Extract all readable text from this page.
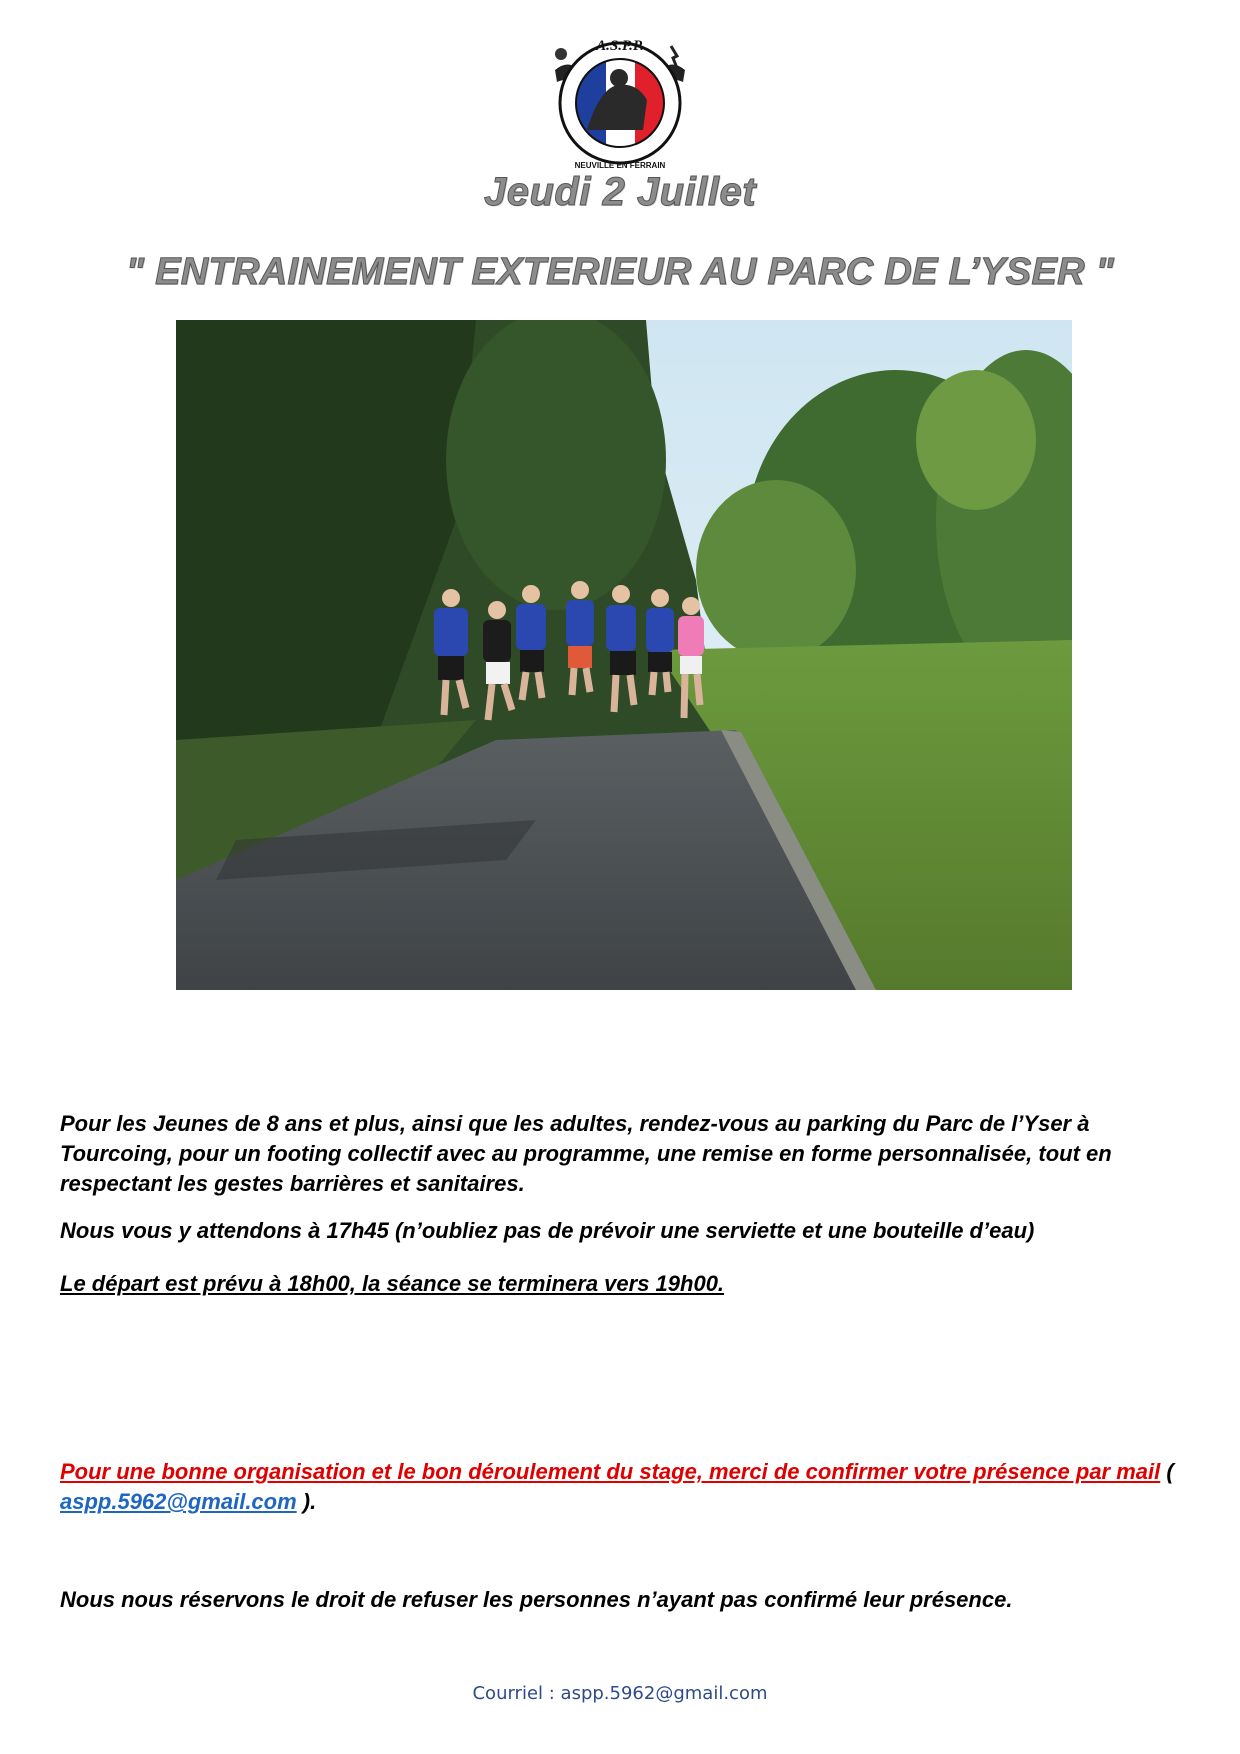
A.S.P.P.
NEUVILLE EN FERRAIN
Jeudi 2 Juillet
" ENTRAINEMENT EXTERIEUR AU PARC DE L’YSER "
Pour les Jeunes de 8 ans et plus, ainsi que les adultes, rendez-vous au parking du Parc de l’Yser à Tourcoing, pour un footing collectif avec au programme, une remise en forme personnalisée, tout en respectant les gestes barrières et sanitaires.
Nous vous y attendons à 17h45 (n’oubliez pas de prévoir une serviette et une bouteille d’eau)
Le départ est prévu à 18h00, la séance se terminera vers 19h00.
Pour une bonne organisation et le bon déroulement du stage, merci de confirmer votre présence par mail ( aspp.5962@gmail.com ).
Nous nous réservons le droit de refuser les personnes n’ayant pas confirmé leur présence.
Courriel : aspp.5962@gmail.com
